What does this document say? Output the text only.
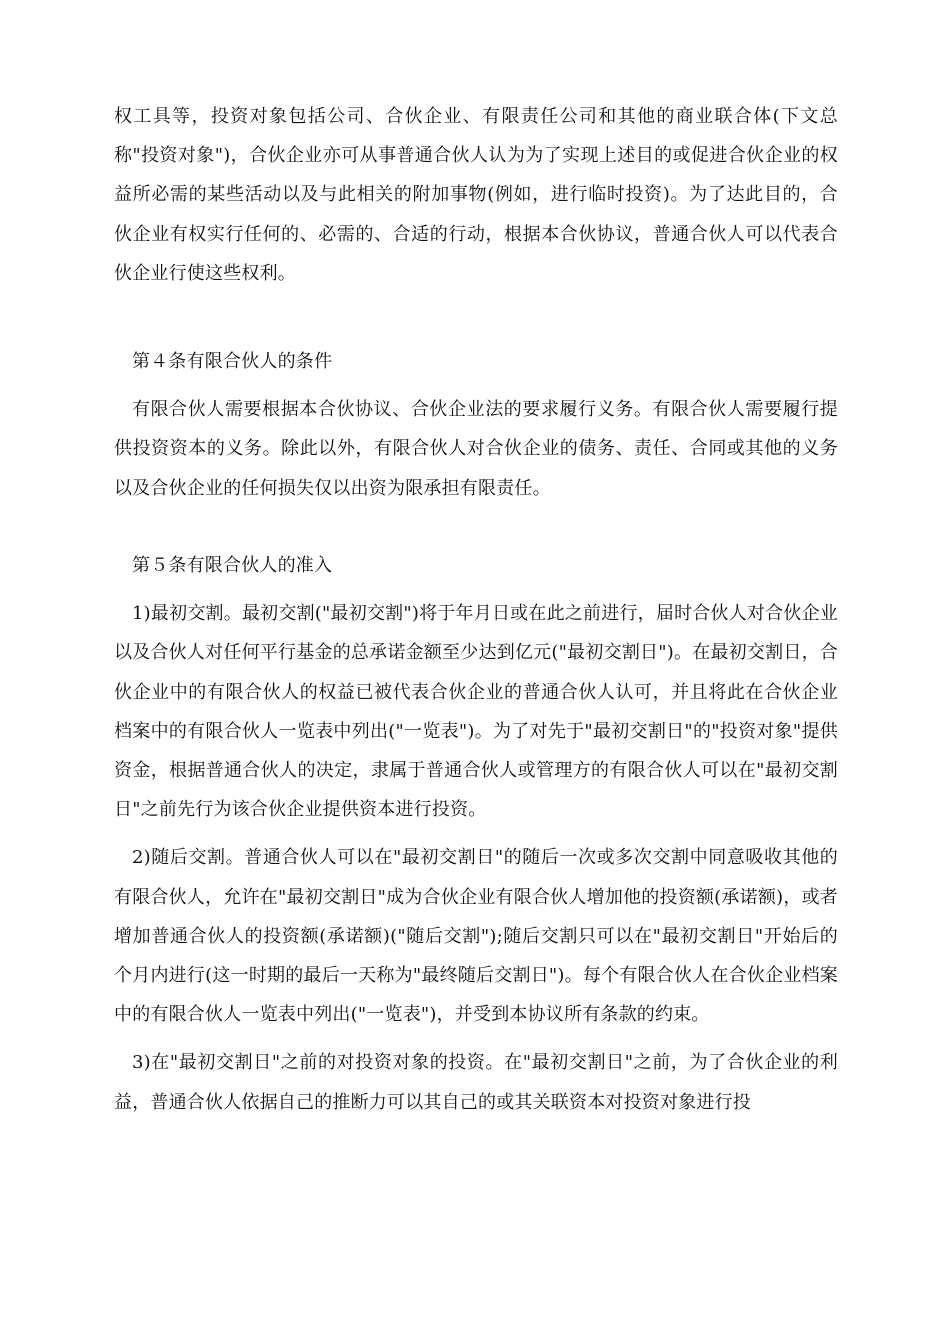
权工具等，投资对象包括公司、合伙企业、有限责任公司和其他的商业联合体(下文总称"投资对象")，合伙企业亦可从事普通合伙人认为为了实现上述目的或促进合伙企业的权益所必需的某些活动以及与此相关的附加事物(例如，进行临时投资)。为了达此目的，合伙企业有权实行任何的、必需的、合适的行动，根据本合伙协议，普通合伙人可以代表合伙企业行使这些权利。

第４条有限合伙人的条件

有限合伙人需要根据本合伙协议、合伙企业法的要求履行义务。有限合伙人需要履行提供投资资本的义务。除此以外，有限合伙人对合伙企业的债务、责任、合同或其他的义务以及合伙企业的任何损失仅以出资为限承担有限责任。

第５条有限合伙人的准入

1)最初交割。最初交割("最初交割")将于年月日或在此之前进行，届时合伙人对合伙企业以及合伙人对任何平行基金的总承诺金额至少达到亿元("最初交割日")。在最初交割日，合伙企业中的有限合伙人的权益已被代表合伙企业的普通合伙人认可，并且将此在合伙企业档案中的有限合伙人一览表中列出("一览表")。为了对先于"最初交割日"的"投资对象"提供资金，根据普通合伙人的决定，隶属于普通合伙人或管理方的有限合伙人可以在"最初交割日"之前先行为该合伙企业提供资本进行投资。

2)随后交割。普通合伙人可以在"最初交割日"的随后一次或多次交割中同意吸收其他的有限合伙人，允许在"最初交割日"成为合伙企业有限合伙人增加他的投资额(承诺额)，或者增加普通合伙人的投资额(承诺额)("随后交割");随后交割只可以在"最初交割日"开始后的个月内进行(这一时期的最后一天称为"最终随后交割日")。每个有限合伙人在合伙企业档案中的有限合伙人一览表中列出("一览表")，并受到本协议所有条款的约束。

3)在"最初交割日"之前的对投资对象的投资。在"最初交割日"之前，为了合伙企业的利益，普通合伙人依据自己的推断力可以其自己的或其关联资本对投资对象进行投
